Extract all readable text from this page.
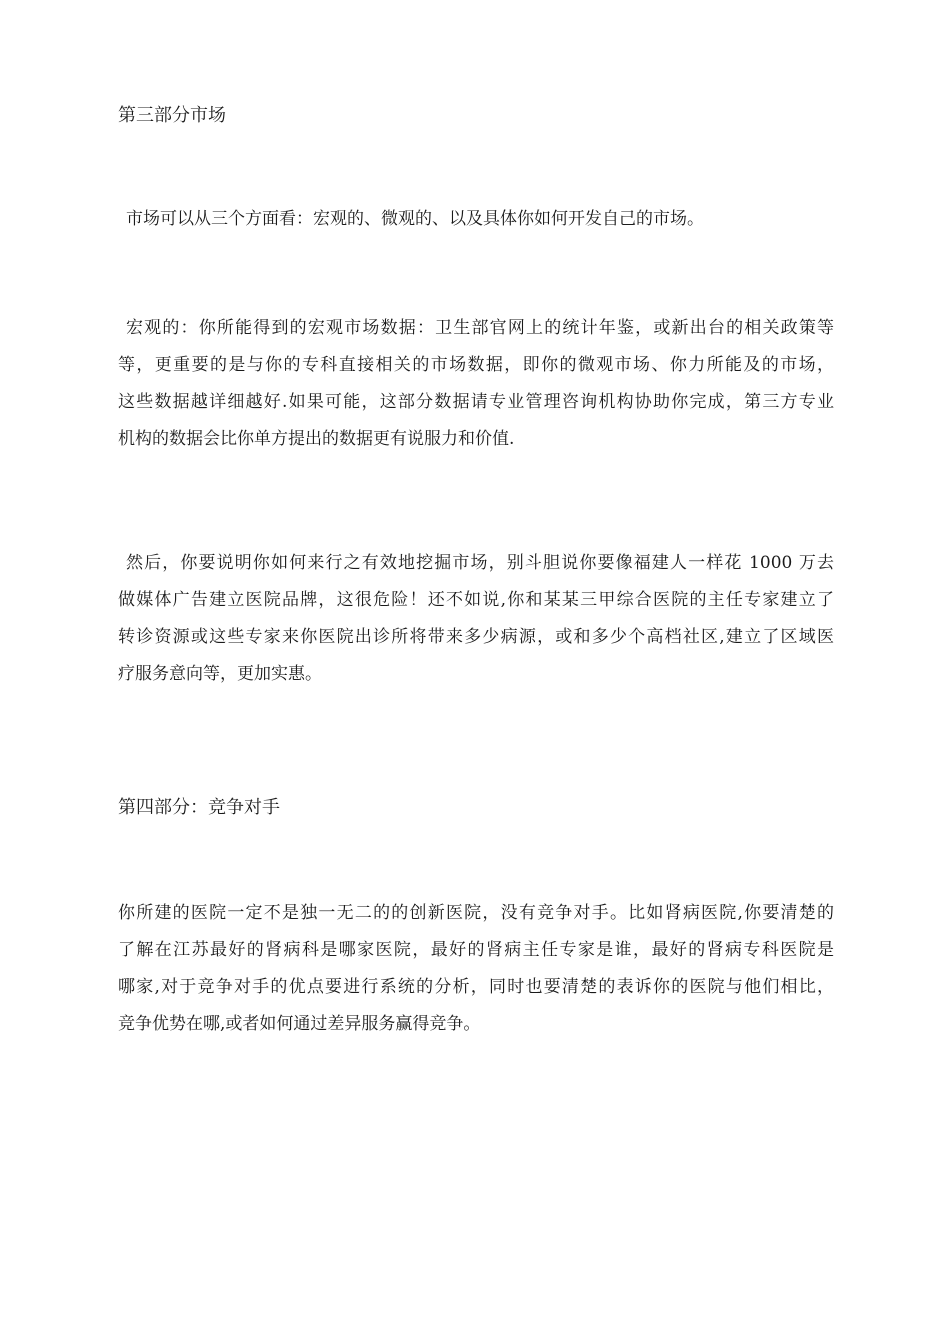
第三部分市场

市场可以从三个方面看：宏观的、微观的、以及具体你如何开发自己的市场。

宏观的：你所能得到的宏观市场数据：卫生部官网上的统计年鉴，或新出台的相关政策等
等，更重要的是与你的专科直接相关的市场数据，即你的微观市场、你力所能及的市场，
这些数据越详细越好.如果可能，这部分数据请专业管理咨询机构协助你完成，第三方专业
机构的数据会比你单方提出的数据更有说服力和价值.

然后，你要说明你如何来行之有效地挖掘市场，别斗胆说你要像福建人一样花 1000 万去
做媒体广告建立医院品牌，这很危险！还不如说,你和某某三甲综合医院的主任专家建立了
转诊资源或这些专家来你医院出诊所将带来多少病源，或和多少个高档社区,建立了区域医
疗服务意向等，更加实惠。

第四部分：竞争对手

你所建的医院一定不是独一无二的的创新医院，没有竞争对手。比如肾病医院,你要清楚的
了解在江苏最好的肾病科是哪家医院，最好的肾病主任专家是谁，最好的肾病专科医院是
哪家,对于竞争对手的优点要进行系统的分析，同时也要清楚的表诉你的医院与他们相比，
竞争优势在哪,或者如何通过差异服务赢得竞争。
